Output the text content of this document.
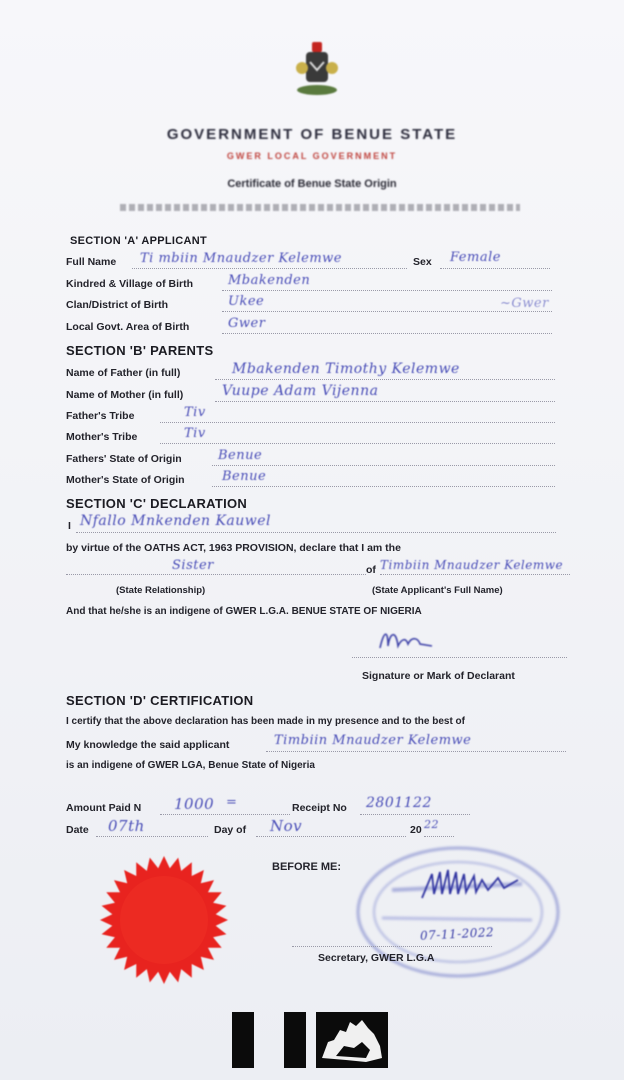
GOVERNMENT OF BENUE STATE
GWER LOCAL GOVERNMENT
Certificate of Benue State Origin
SECTION 'A' APPLICANT
Full Name Ti mbiin Mnaudzer Kelemwe	Sex Female
Kindred & Village of Birth	Mbakenden
Clan/District of Birth	Ukee	~Gwer
Local Govt. Area of Birth	Gwer
SECTION 'B' PARENTS
Name of Father (in full)	Mbakenden Timothy Kelemwe
Name of Mother (in full)	Vuupe Adam Vijenna
Father's Tribe	Tiv
Mother's Tribe	Tiv
Fathers' State of Origin	Benue
Mother's State of Origin	Benue
SECTION 'C' DECLARATION
I Nfallo Mnkenden Kauwel
by virtue of the OATHS ACT, 1963 PROVISION, declare that I am the
Sister	of Timbiin Mnaudzer Kelemwe
(State Relationship)	(State Applicant's Full Name)
And that he/she is an indigene of GWER L.G.A. BENUE STATE OF NIGERIA
Signature or Mark of Declarant
SECTION 'D' CERTIFICATION
I certify that the above declaration has been made in my presence and to the best of
My knowledge the said applicant	Timbiin Mnaudzer Kelemwe
is an indigene of GWER LGA, Benue State of Nigeria
Amount Paid N 1000 =	Receipt No 2801122
Date 07th	Day of Nov	20 22
BEFORE ME:
07-11-2022
Secretary, GWER L.G.A
